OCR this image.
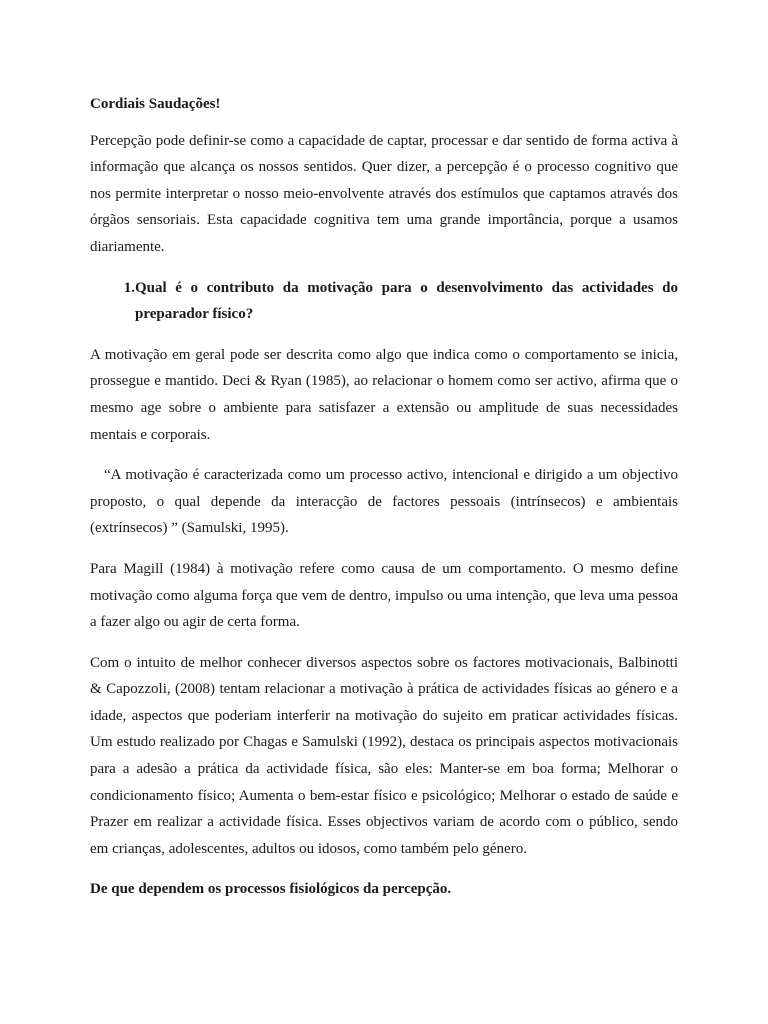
Cordiais Saudações!

Percepção pode definir-se como a capacidade de captar, processar e dar sentido de forma activa à informação que alcança os nossos sentidos. Quer dizer, a percepção é o processo cognitivo que nos permite interpretar o nosso meio-envolvente através dos estímulos que captamos através dos órgãos sensoriais. Esta capacidade cognitiva tem uma grande importância, porque a usamos diariamente.

1. Qual é o contributo da motivação para o desenvolvimento das actividades do preparador físico?

A motivação em geral pode ser descrita como algo que indica como o comportamento se inicia, prossegue e mantido. Deci & Ryan (1985), ao relacionar o homem como ser activo, afirma que o mesmo age sobre o ambiente para satisfazer a extensão ou amplitude de suas necessidades mentais e corporais.

“A motivação é caracterizada como um processo activo, intencional e dirigido a um objectivo proposto, o qual depende da interacção de factores pessoais (intrínsecos) e ambientais (extrínsecos) ” (Samulski, 1995).

Para Magill (1984) à motivação refere como causa de um comportamento. O mesmo define motivação como alguma força que vem de dentro, impulso ou uma intenção, que leva uma pessoa a fazer algo ou agir de certa forma.

Com o intuito de melhor conhecer diversos aspectos sobre os factores motivacionais, Balbinotti & Capozzoli, (2008) tentam relacionar a motivação à prática de actividades físicas ao género e a idade, aspectos que poderiam interferir na motivação do sujeito em praticar actividades físicas. Um estudo realizado por Chagas e Samulski (1992), destaca os principais aspectos motivacionais para a adesão a prática da actividade física, são eles: Manter-se em boa forma; Melhorar o condicionamento físico; Aumenta o bem-estar físico e psicológico; Melhorar o estado de saúde e Prazer em realizar a actividade física. Esses objectivos variam de acordo com o público, sendo em crianças, adolescentes, adultos ou idosos, como também pelo género.

De que dependem os processos fisiológicos da percepção.
